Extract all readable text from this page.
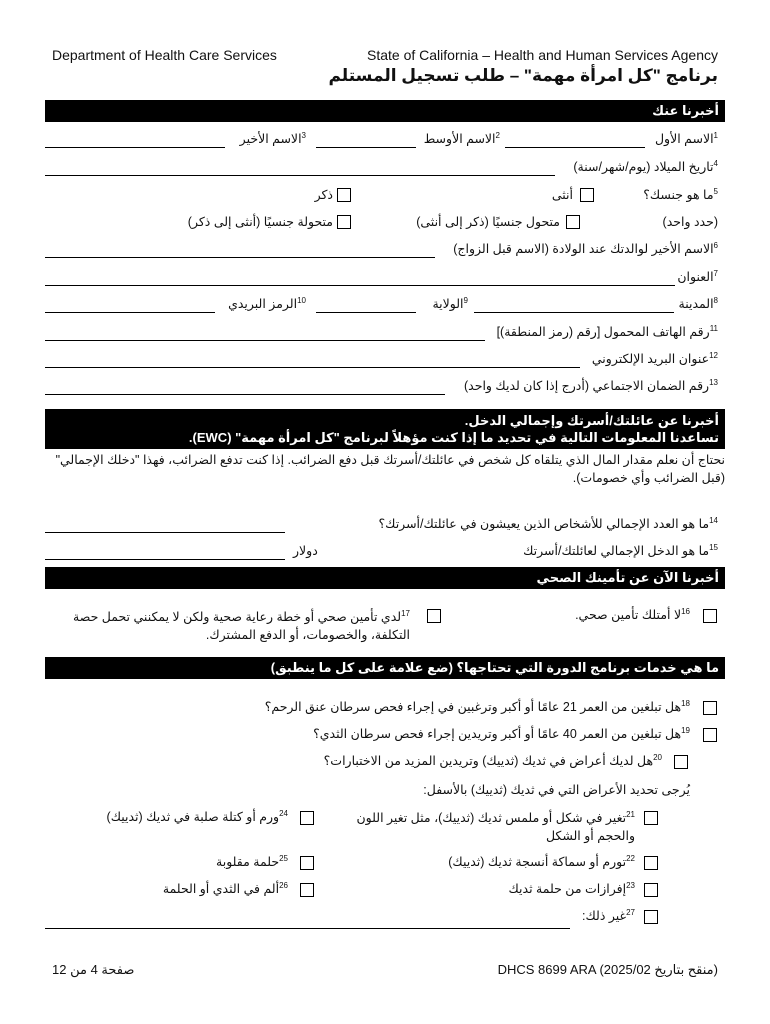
Department of Health Care Services	State of California – Health and Human Services Agency
برنامج "كل امرأة مهمة" – طلب تسجيل المستلم
أخبرنا عنك
$^1$الاسم الأول
$^2$الاسم الأوسط
$^3$الاسم الأخير
$^4$تاريخ الميلاد (يوم/شهر/سنة)
$^5$ما هو جنسك؟
أنثى
ذكر
(حدد واحد)
متحول جنسيًا (ذكر إلى أنثى)
متحولة جنسيًا (أنثى إلى ذكر)
$^6$الاسم الأخير لوالدتك عند الولادة (الاسم قبل الزواج)
$^7$العنوان
$^8$المدينة
$^9$الولاية
$^{10}$الرمز البريدي
$^{11}$رقم الهاتف المحمول [رقم (رمز المنطقة)]
$^{12}$عنوان البريد الإلكتروني
$^{13}$رقم الضمان الاجتماعي (أدرج إذا كان لديك واحد)
أخبرنا عن عائلتك/أسرتك وإجمالي الدخل.
تساعدنا المعلومات التالية في تحديد ما إذا كنت مؤهلاً لبرنامج "كل امرأة مهمة" (EWC).
نحتاج أن نعلم مقدار المال الذي يتلقاه كل شخص في عائلتك/أسرتك قبل دفع الضرائب. إذا كنت تدفع الضرائب، فهذا "دخلك الإجمالي" (قبل الضرائب وأي خصومات).
$^{14}$ما هو العدد الإجمالي للأشخاص الذين يعيشون في عائلتك/أسرتك؟
$^{15}$ما هو الدخل الإجمالي لعائلتك/أسرتك
دولار
أخبرنا الآن عن تأمينك الصحي
$^{16}$لا أمتلك تأمين صحي.
$^{17}$لدي تأمين صحي أو خطة رعاية صحية ولكن لا يمكنني تحمل حصة التكلفة، والخصومات، أو الدفع المشترك.
ما هي خدمات برنامج الدورة التي تحتاجها؟ (ضع علامة على كل ما ينطبق)
$^{18}$هل تبلغين من العمر 21 عامًا أو أكبر وترغبين في إجراء فحص سرطان عنق الرحم؟
$^{19}$هل تبلغين من العمر 40 عامًا أو أكبر وتريدين إجراء فحص سرطان الثدي؟
$^{20}$هل لديك أعراض في ثديك (ثدييك) وتريدين المزيد من الاختبارات؟
يُرجى تحديد الأعراض التي في ثديك (ثدييك) بالأسفل:
$^{21}$تغير في شكل أو ملمس ثديك (ثدييك)، مثل تغير اللون والحجم أو الشكل
$^{22}$تورم أو سماكة أنسجة ثديك (ثدييك)
$^{23}$إفرازات من حلمة ثديك
$^{27}$غير ذلك:
$^{24}$ورم أو كتلة صلبة في ثديك (ثدييك)
$^{25}$حلمة مقلوبة
$^{26}$ألم في الثدي أو الحلمة
صفحة 4 من 12	DHCS 8699 ARA (منقح بتاريخ 2025/02)
